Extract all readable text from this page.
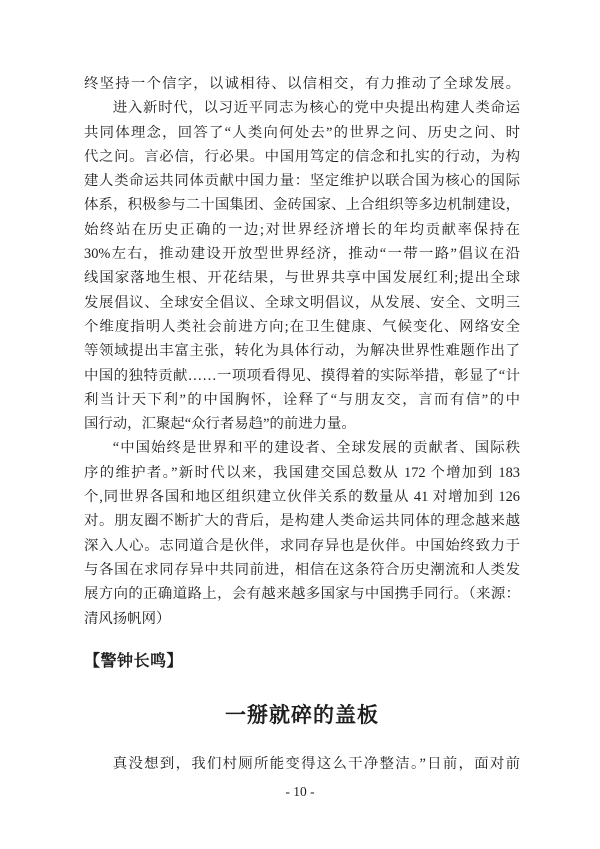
终坚持一个信字，以诚相待、以信相交，有力推动了全球发展。
进入新时代，以习近平同志为核心的党中央提出构建人类命运
共同体理念，回答了“人类向何处去”的世界之问、历史之问、时
代之问。言必信，行必果。中国用笃定的信念和扎实的行动，为构
建人类命运共同体贡献中国力量：坚定维护以联合国为核心的国际
体系，积极参与二十国集团、金砖国家、上合组织等多边机制建设，
始终站在历史正确的一边;对世界经济增长的年均贡献率保持在
30%左右，推动建设开放型世界经济，推动“一带一路”倡议在沿
线国家落地生根、开花结果，与世界共享中国发展红利;提出全球
发展倡议、全球安全倡议、全球文明倡议，从发展、安全、文明三
个维度指明人类社会前进方向;在卫生健康、气候变化、网络安全
等领域提出丰富主张，转化为具体行动，为解决世界性难题作出了
中国的独特贡献……一项项看得见、摸得着的实际举措，彰显了“计
利当计天下利”的中国胸怀，诠释了“与朋友交，言而有信”的中
国行动，汇聚起“众行者易趋”的前进力量。
“中国始终是世界和平的建设者、全球发展的贡献者、国际秩
序的维护者。”新时代以来，我国建交国总数从 172 个增加到 183
个,同世界各国和地区组织建立伙伴关系的数量从 41 对增加到 126
对。朋友圈不断扩大的背后，是构建人类命运共同体的理念越来越
深入人心。志同道合是伙伴，求同存异也是伙伴。中国始终致力于
与各国在求同存异中共同前进，相信在这条符合历史潮流和人类发
展方向的正确道路上，会有越来越多国家与中国携手同行。（来源：
清风扬帆网）
【警钟长鸣】
一掰就碎的盖板
真没想到，我们村厕所能变得这么干净整洁。”日前，面对前
- 10 -
